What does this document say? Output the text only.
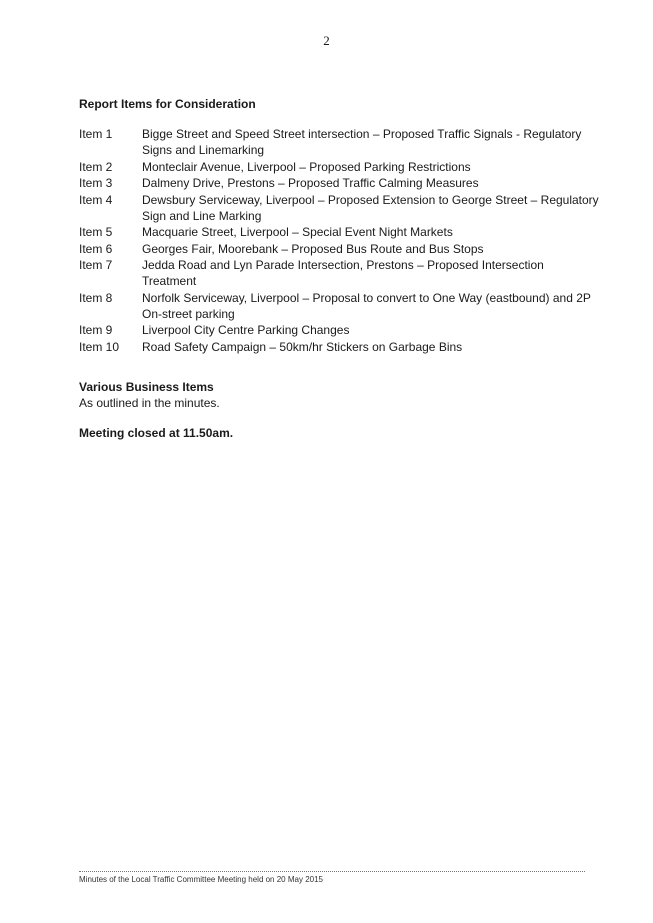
2
Report Items for Consideration
Item 1	Bigge Street and Speed Street intersection – Proposed Traffic Signals - Regulatory Signs and Linemarking
Item 2	Monteclair Avenue, Liverpool – Proposed Parking Restrictions
Item 3	Dalmeny Drive, Prestons – Proposed Traffic Calming Measures
Item 4	Dewsbury Serviceway, Liverpool – Proposed Extension to George Street – Regulatory Sign and Line Marking
Item 5	Macquarie Street, Liverpool – Special Event Night Markets
Item 6	Georges Fair, Moorebank – Proposed Bus Route and Bus Stops
Item 7	Jedda Road and Lyn Parade Intersection, Prestons – Proposed Intersection Treatment
Item 8	Norfolk Serviceway, Liverpool – Proposal to convert to One Way (eastbound) and 2P On-street parking
Item 9	Liverpool City Centre Parking Changes
Item 10	Road Safety Campaign – 50km/hr Stickers on Garbage Bins
Various Business Items
As outlined in the minutes.
Meeting closed at 11.50am.
Minutes of the Local Traffic Committee Meeting held on 20 May 2015
